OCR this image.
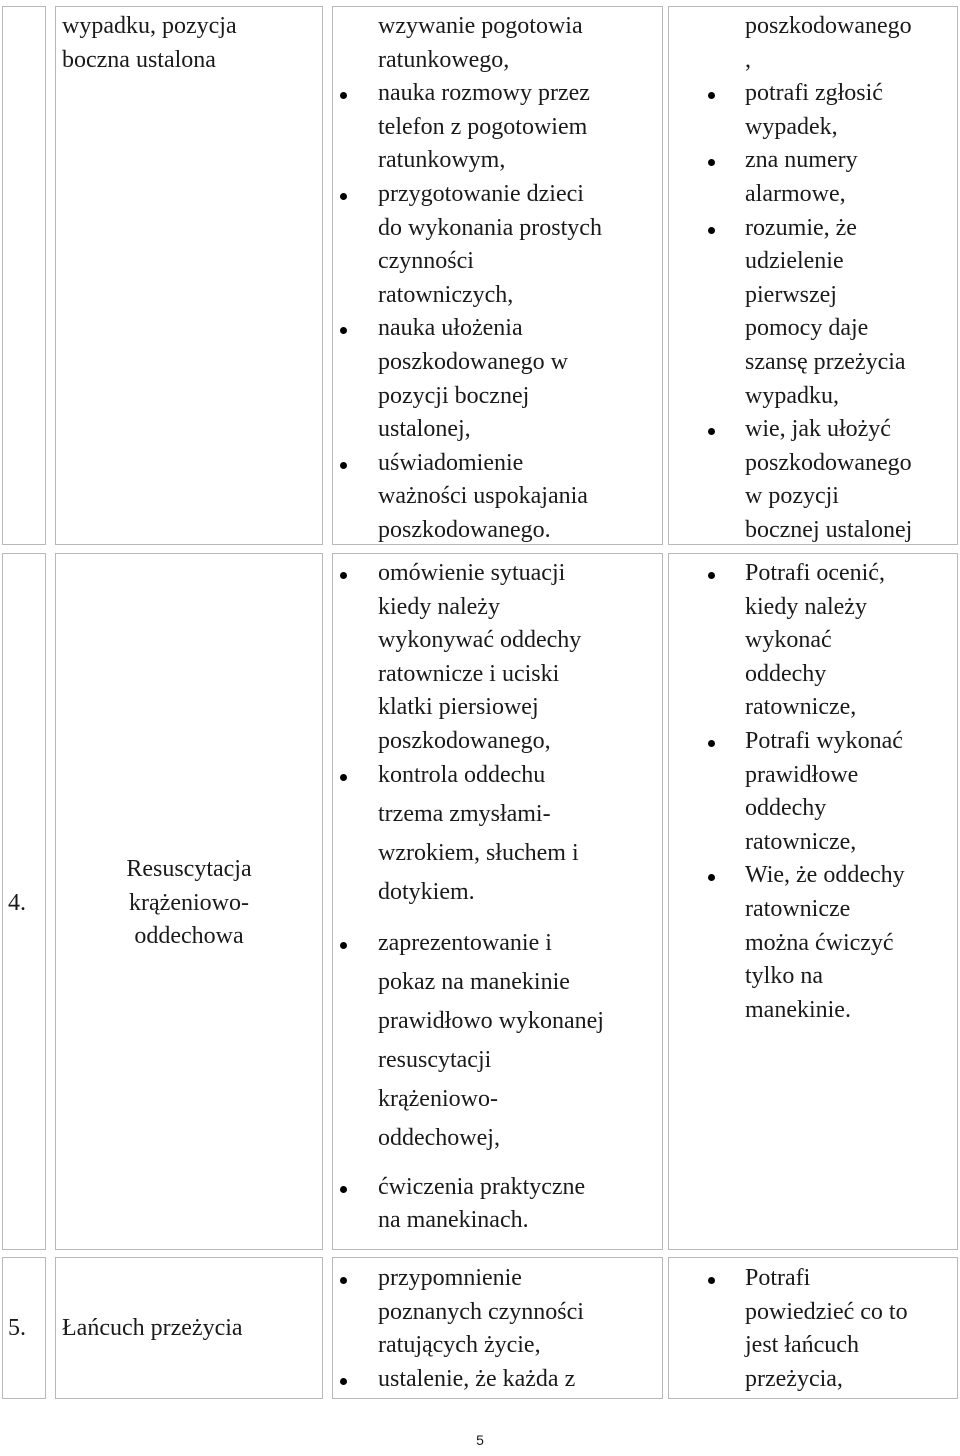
wypadku, pozycja
boczna ustalona
wzywanie pogotowia
ratunkowego,
nauka rozmowy przez
telefon z pogotowiem
ratunkowym,
przygotowanie dzieci
do wykonania prostych
czynności
ratowniczych,
nauka ułożenia
poszkodowanego w
pozycji bocznej
ustalonej,
uświadomienie
ważności uspokajania
poszkodowanego.
poszkodowanego
,
potrafi zgłosić
wypadek,
zna numery
alarmowe,
rozumie, że
udzielenie
pierwszej
pomocy daje
szansę przeżycia
wypadku,
wie, jak ułożyć
poszkodowanego
w pozycji
bocznej ustalonej
4.
Resuscytacja
krążeniowo-
oddechowa
omówienie sytuacji
kiedy należy
wykonywać oddechy
ratownicze i uciski
klatki piersiowej
poszkodowanego,
kontrola oddechu
trzema zmysłami-
wzrokiem, słuchem i
dotykiem.
zaprezentowanie i
pokaz na manekinie
prawidłowo wykonanej
resuscytacji
krążeniowo-
oddechowej,
ćwiczenia praktyczne
na manekinach.
Potrafi ocenić,
kiedy należy
wykonać
oddechy
ratownicze,
Potrafi wykonać
prawidłowe
oddechy
ratownicze,
Wie, że oddechy
ratownicze
można ćwiczyć
tylko na
manekinie.
5. Łańcuch przeżycia
przypomnienie
poznanych czynności
ratujących życie,
ustalenie, że każda z
Potrafi
powiedzieć co to
jest łańcuch
przeżycia,
5
